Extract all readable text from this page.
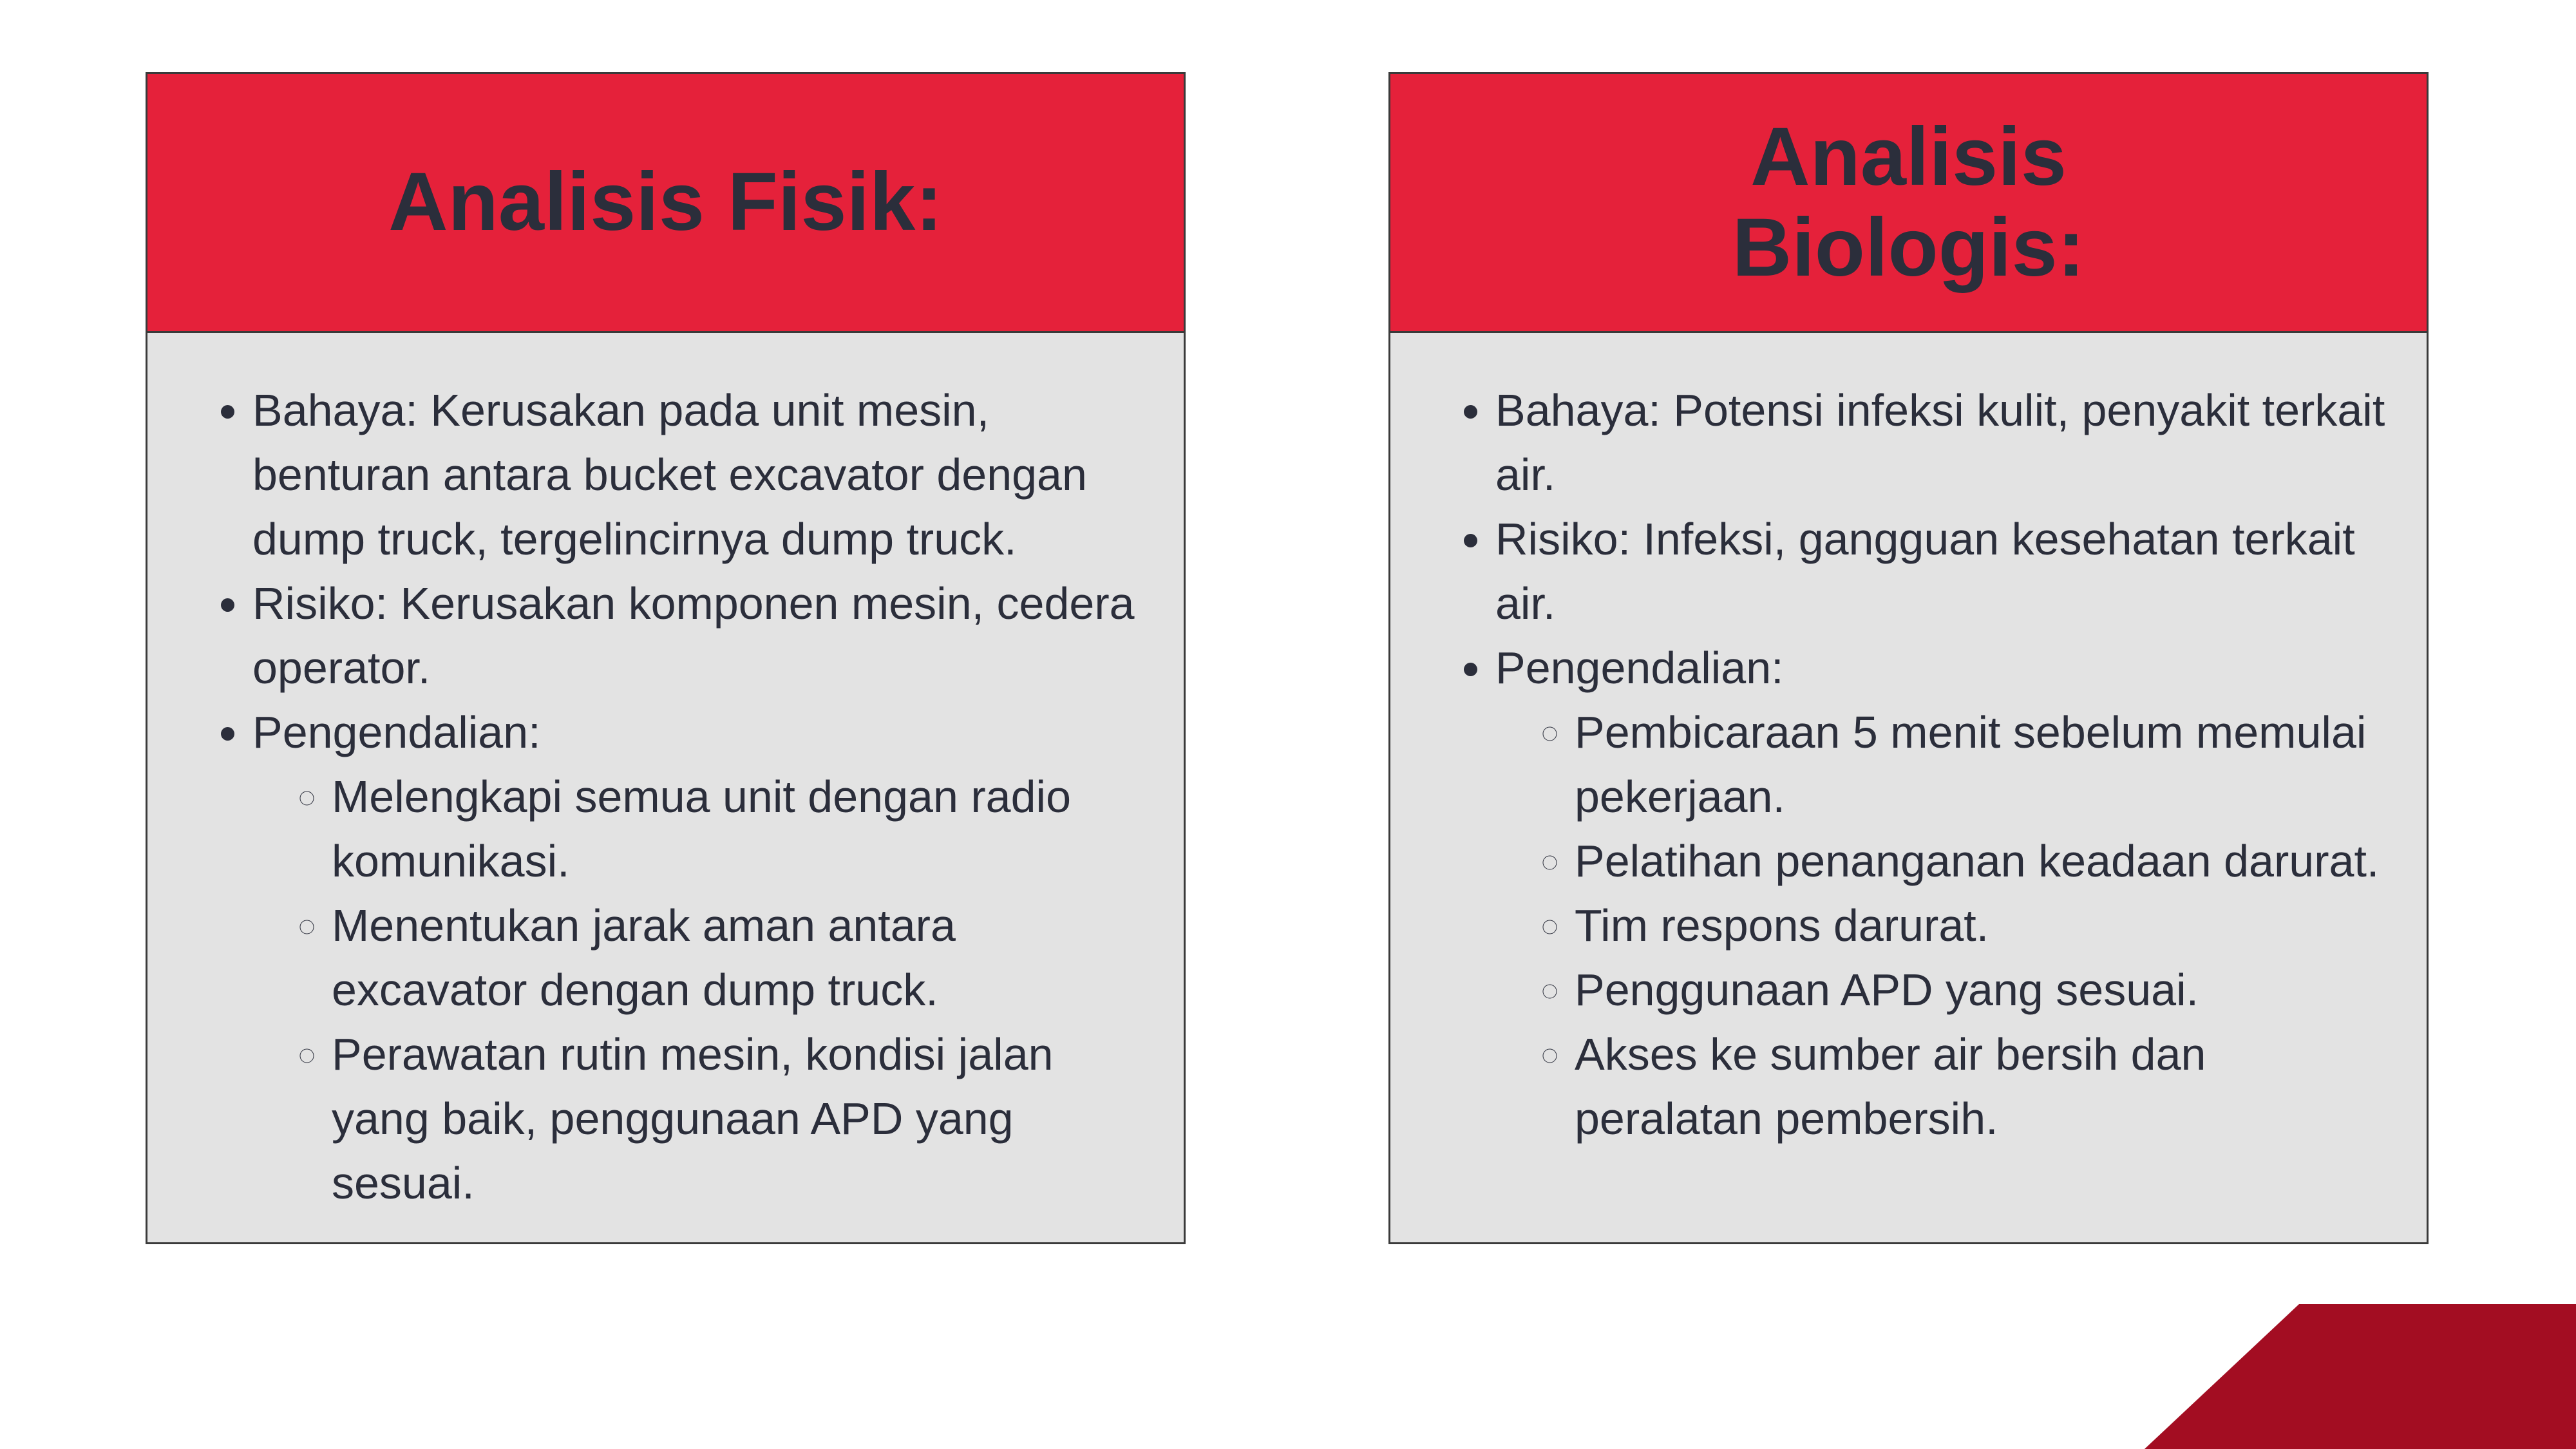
Analisis Fisik:
• Bahaya: Kerusakan pada unit mesin, benturan antara bucket excavator dengan dump truck, tergelincirnya dump truck.
• Risiko: Kerusakan komponen mesin, cedera operator.
• Pengendalian:
◦ Melengkapi semua unit dengan radio komunikasi.
◦ Menentukan jarak aman antara excavator dengan dump truck.
◦ Perawatan rutin mesin, kondisi jalan yang baik, penggunaan APD yang sesuai.
Analisis
Biologis:
• Bahaya: Potensi infeksi kulit, penyakit terkait air.
• Risiko: Infeksi, gangguan kesehatan terkait air.
• Pengendalian:
◦ Pembicaraan 5 menit sebelum memulai pekerjaan.
◦ Pelatihan penanganan keadaan darurat.
◦ Tim respons darurat.
◦ Penggunaan APD yang sesuai.
◦ Akses ke sumber air bersih dan peralatan pembersih.
